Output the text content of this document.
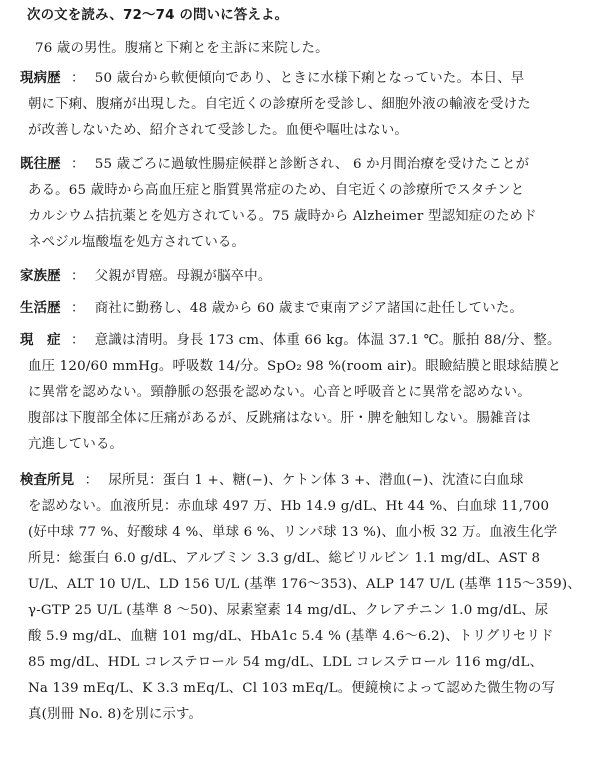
次の文を読み、72〜74 の問いに答えよ。
76 歳の男性。腹痛と下痢とを主訴に来院した。
現病歴 ： 50 歳台から軟便傾向であり、ときに水様下痢となっていた。本日、早
朝に下痢、腹痛が出現した。自宅近くの診療所を受診し、細胞外液の輸液を受けた
が改善しないため、紹介されて受診した。血便や嘔吐はない。
既往歴 ： 55 歳ごろに過敏性腸症候群と診断され、 6 か月間治療を受けたことが
ある。65 歳時から高血圧症と脂質異常症のため、自宅近くの診療所でスタチンと
カルシウム拮抗薬とを処方されている。75 歳時から Alzheimer 型認知症のためド
ネペジル塩酸塩を処方されている。
家族歴 ： 父親が胃癌。母親が脳卒中。
生活歴 ： 商社に勤務し、48 歳から 60 歳まで東南アジア諸国に赴任していた。
現　症 ： 意識は清明。身長 173 cm、体重 66 kg。体温 37.1 ℃。脈拍 88/分、整。
血圧 120/60 mmHg。呼吸数 14/分。SpO₂ 98 %(room air)。眼瞼結膜と眼球結膜と
に異常を認めない。頸静脈の怒張を認めない。心音と呼吸音とに異常を認めない。
腹部は下腹部全体に圧痛があるが、反跳痛はない。肝・脾を触知しない。腸雑音は
亢進している。
検査所見 ： 尿所見：蛋白 1 +、糖(−)、ケトン体 3 +、潜血(−)、沈渣に白血球
を認めない。血液所見：赤血球 497 万、Hb 14.9 g/dL、Ht 44 %、白血球 11,700
(好中球 77 %、好酸球 4 %、単球 6 %、リンパ球 13 %)、血小板 32 万。血液生化学
所見：総蛋白 6.0 g/dL、アルブミン 3.3 g/dL、総ビリルビン 1.1 mg/dL、AST 8
U/L、ALT 10 U/L、LD 156 U/L (基準 176〜353)、ALP 147 U/L (基準 115〜359)、
γ-GTP 25 U/L (基準 8 〜50)、尿素窒素 14 mg/dL、クレアチニン 1.0 mg/dL、尿
酸 5.9 mg/dL、血糖 101 mg/dL、HbA1c 5.4 % (基準 4.6〜6.2)、トリグリセリド
85 mg/dL、HDL コレステロール 54 mg/dL、LDL コレステロール 116 mg/dL、
Na 139 mEq/L、K 3.3 mEq/L、Cl 103 mEq/L。便鏡検によって認めた微生物の写
真(別冊 No. 8)を別に示す。
